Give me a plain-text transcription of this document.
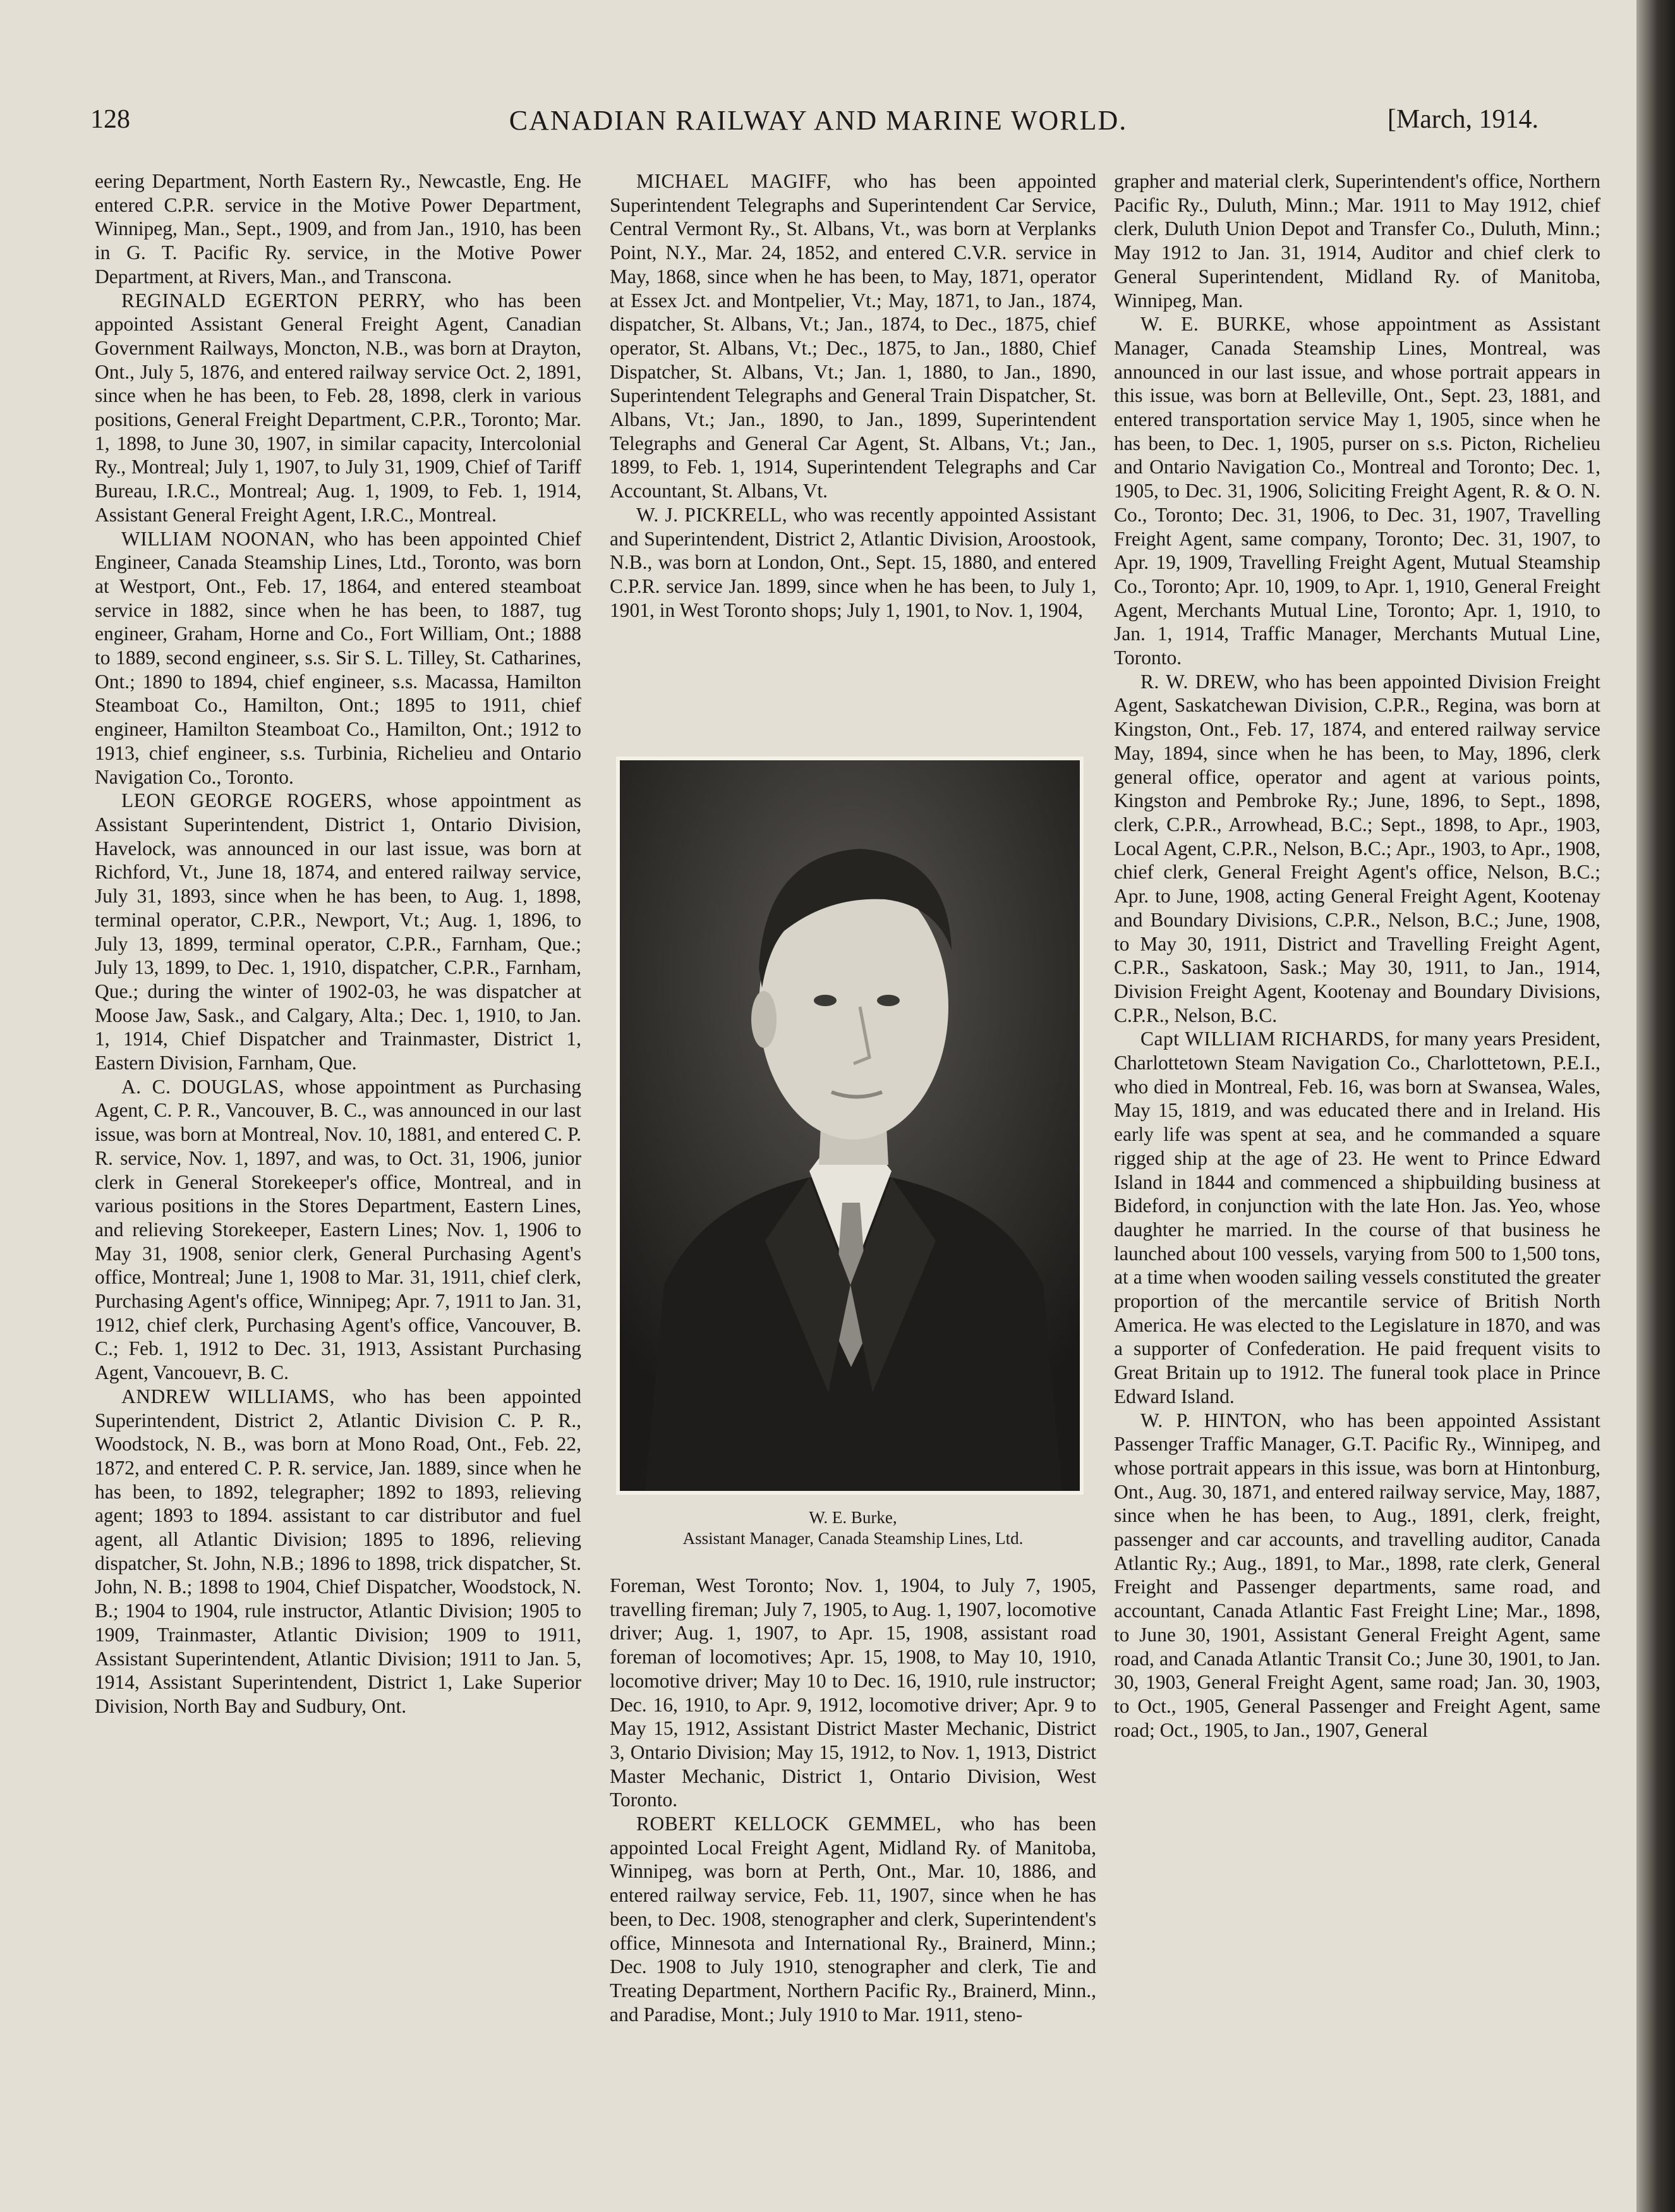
128	CANADIAN RAILWAY AND MARINE WORLD.	[March, 1914.

eering Department, North Eastern Ry., Newcastle, Eng. He entered C.P.R. service in the Motive Power Department, Winnipeg, Man., Sept., 1909, and from Jan., 1910, has been in G. T. Pacific Ry. service, in the Motive Power Department, at Rivers, Man., and Transcona.

REGINALD EGERTON PERRY, who has been appointed Assistant General Freight Agent, Canadian Government Railways, Moncton, N.B., was born at Drayton, Ont., July 5, 1876, and entered railway service Oct. 2, 1891, since when he has been, to Feb. 28, 1898, clerk in various positions, General Freight Department, C.P.R., Toronto; Mar. 1, 1898, to June 30, 1907, in similar capacity, Intercolonial Ry., Montreal; July 1, 1907, to July 31, 1909, Chief of Tariff Bureau, I.R.C., Montreal; Aug. 1, 1909, to Feb. 1, 1914, Assistant General Freight Agent, I.R.C., Montreal.

WILLIAM NOONAN, who has been appointed Chief Engineer, Canada Steamship Lines, Ltd., Toronto, was born at Westport, Ont., Feb. 17, 1864, and entered steamboat service in 1882, since when he has been, to 1887, tug engineer, Graham, Horne and Co., Fort William, Ont.; 1888 to 1889, second engineer, s.s. Sir S. L. Tilley, St. Catharines, Ont.; 1890 to 1894, chief engineer, s.s. Macassa, Hamilton Steamboat Co., Hamilton, Ont.; 1895 to 1911, chief engineer, Hamilton Steamboat Co., Hamilton, Ont.; 1912 to 1913, chief engineer, s.s. Turbinia, Richelieu and Ontario Navigation Co., Toronto.

LEON GEORGE ROGERS, whose appointment as Assistant Superintendent, District 1, Ontario Division, Havelock, was announced in our last issue, was born at Richford, Vt., June 18, 1874, and entered railway service, July 31, 1893, since when he has been, to Aug. 1, 1898, terminal operator, C.P.R., Newport, Vt.; Aug. 1, 1896, to July 13, 1899, terminal operator, C.P.R., Farnham, Que.; July 13, 1899, to Dec. 1, 1910, dispatcher, C.P.R., Farnham, Que.; during the winter of 1902-03, he was dispatcher at Moose Jaw, Sask., and Calgary, Alta.; Dec. 1, 1910, to Jan. 1, 1914, Chief Dispatcher and Trainmaster, District 1, Eastern Division, Farnham, Que.

A. C. DOUGLAS, whose appointment as Purchasing Agent, C. P. R., Vancouver, B. C., was announced in our last issue, was born at Montreal, Nov. 10, 1881, and entered C. P. R. service, Nov. 1, 1897, and was, to Oct. 31, 1906, junior clerk in General Storekeeper's office, Montreal, and in various positions in the Stores Department, Eastern Lines, and relieving Storekeeper, Eastern Lines; Nov. 1, 1906 to May 31, 1908, senior clerk, General Purchasing Agent's office, Montreal; June 1, 1908 to Mar. 31, 1911, chief clerk, Purchasing Agent's office, Winnipeg; Apr. 7, 1911 to Jan. 31, 1912, chief clerk, Purchasing Agent's office, Vancouver, B. C.; Feb. 1, 1912 to Dec. 31, 1913, Assistant Purchasing Agent, Vancouevr, B. C.

ANDREW WILLIAMS, who has been appointed Superintendent, District 2, Atlantic Division C. P. R., Woodstock, N. B., was born at Mono Road, Ont., Feb. 22, 1872, and entered C. P. R. service, Jan. 1889, since when he has been, to 1892, telegrapher; 1892 to 1893, relieving agent; 1893 to 1894. assistant to car distributor and fuel agent, all Atlantic Division; 1895 to 1896, relieving dispatcher, St. John, N.B.; 1896 to 1898, trick dispatcher, St. John, N. B.; 1898 to 1904, Chief Dispatcher, Woodstock, N. B.; 1904 to 1904, rule instructor, Atlantic Division; 1905 to 1909, Trainmaster, Atlantic Division; 1909 to 1911, Assistant Superintendent, Atlantic Division; 1911 to Jan. 5, 1914, Assistant Superintendent, District 1, Lake Superior Division, North Bay and Sudbury, Ont.

MICHAEL MAGIFF, who has been appointed Superintendent Telegraphs and Superintendent Car Service, Central Vermont Ry., St. Albans, Vt., was born at Verplanks Point, N.Y., Mar. 24, 1852, and entered C.V.R. service in May, 1868, since when he has been, to May, 1871, operator at Essex Jct. and Montpelier, Vt.; May, 1871, to Jan., 1874, dispatcher, St. Albans, Vt.; Jan., 1874, to Dec., 1875, chief operator, St. Albans, Vt.; Dec., 1875, to Jan., 1880, Chief Dispatcher, St. Albans, Vt.; Jan. 1, 1880, to Jan., 1890, Superintendent Telegraphs and General Train Dispatcher, St. Albans, Vt.; Jan., 1890, to Jan., 1899, Superintendent Telegraphs and General Car Agent, St. Albans, Vt.; Jan., 1899, to Feb. 1, 1914, Superintendent Telegraphs and Car Accountant, St. Albans, Vt.

W. J. PICKRELL, who was recently appointed Assistant and Superintendent, District 2, Atlantic Division, Aroostook, N.B., was born at London, Ont., Sept. 15, 1880, and entered C.P.R. service Jan. 1899, since when he has been, to July 1, 1901, in West Toronto shops; July 1, 1901, to Nov. 1, 1904,

W. E. Burke,
Assistant Manager, Canada Steamship Lines, Ltd.

Foreman, West Toronto; Nov. 1, 1904, to July 7, 1905, travelling fireman; July 7, 1905, to Aug. 1, 1907, locomotive driver; Aug. 1, 1907, to Apr. 15, 1908, assistant road foreman of locomotives; Apr. 15, 1908, to May 10, 1910, locomotive driver; May 10 to Dec. 16, 1910, rule instructor; Dec. 16, 1910, to Apr. 9, 1912, locomotive driver; Apr. 9 to May 15, 1912, Assistant District Master Mechanic, District 3, Ontario Division; May 15, 1912, to Nov. 1, 1913, District Master Mechanic, District 1, Ontario Division, West Toronto.

ROBERT KELLOCK GEMMEL, who has been appointed Local Freight Agent, Midland Ry. of Manitoba, Winnipeg, was born at Perth, Ont., Mar. 10, 1886, and entered railway service, Feb. 11, 1907, since when he has been, to Dec. 1908, stenographer and clerk, Superintendent's office, Minnesota and International Ry., Brainerd, Minn.; Dec. 1908 to July 1910, stenographer and clerk, Tie and Treating Department, Northern Pacific Ry., Brainerd, Minn., and Paradise, Mont.; July 1910 to Mar. 1911, steno-

grapher and material clerk, Superintendent's office, Northern Pacific Ry., Duluth, Minn.; Mar. 1911 to May 1912, chief clerk, Duluth Union Depot and Transfer Co., Duluth, Minn.; May 1912 to Jan. 31, 1914, Auditor and chief clerk to General Superintendent, Midland Ry. of Manitoba, Winnipeg, Man.

W. E. BURKE, whose appointment as Assistant Manager, Canada Steamship Lines, Montreal, was announced in our last issue, and whose portrait appears in this issue, was born at Belleville, Ont., Sept. 23, 1881, and entered transportation service May 1, 1905, since when he has been, to Dec. 1, 1905, purser on s.s. Picton, Richelieu and Ontario Navigation Co., Montreal and Toronto; Dec. 1, 1905, to Dec. 31, 1906, Soliciting Freight Agent, R. & O. N. Co., Toronto; Dec. 31, 1906, to Dec. 31, 1907, Travelling Freight Agent, same company, Toronto; Dec. 31, 1907, to Apr. 19, 1909, Travelling Freight Agent, Mutual Steamship Co., Toronto; Apr. 10, 1909, to Apr. 1, 1910, General Freight Agent, Merchants Mutual Line, Toronto; Apr. 1, 1910, to Jan. 1, 1914, Traffic Manager, Merchants Mutual Line, Toronto.

R. W. DREW, who has been appointed Division Freight Agent, Saskatchewan Division, C.P.R., Regina, was born at Kingston, Ont., Feb. 17, 1874, and entered railway service May, 1894, since when he has been, to May, 1896, clerk general office, operator and agent at various points, Kingston and Pembroke Ry.; June, 1896, to Sept., 1898, clerk, C.P.R., Arrowhead, B.C.; Sept., 1898, to Apr., 1903, Local Agent, C.P.R., Nelson, B.C.; Apr., 1903, to Apr., 1908, chief clerk, General Freight Agent's office, Nelson, B.C.; Apr. to June, 1908, acting General Freight Agent, Kootenay and Boundary Divisions, C.P.R., Nelson, B.C.; June, 1908, to May 30, 1911, District and Travelling Freight Agent, C.P.R., Saskatoon, Sask.; May 30, 1911, to Jan., 1914, Division Freight Agent, Kootenay and Boundary Divisions, C.P.R., Nelson, B.C.

Capt WILLIAM RICHARDS, for many years President, Charlottetown Steam Navigation Co., Charlottetown, P.E.I., who died in Montreal, Feb. 16, was born at Swansea, Wales, May 15, 1819, and was educated there and in Ireland. His early life was spent at sea, and he commanded a square rigged ship at the age of 23. He went to Prince Edward Island in 1844 and commenced a shipbuilding business at Bideford, in conjunction with the late Hon. Jas. Yeo, whose daughter he married. In the course of that business he launched about 100 vessels, varying from 500 to 1,500 tons, at a time when wooden sailing vessels constituted the greater proportion of the mercantile service of British North America. He was elected to the Legislature in 1870, and was a supporter of Confederation. He paid frequent visits to Great Britain up to 1912. The funeral took place in Prince Edward Island.

W. P. HINTON, who has been appointed Assistant Passenger Traffic Manager, G.T. Pacific Ry., Winnipeg, and whose portrait appears in this issue, was born at Hintonburg, Ont., Aug. 30, 1871, and entered railway service, May, 1887, since when he has been, to Aug., 1891, clerk, freight, passenger and car accounts, and travelling auditor, Canada Atlantic Ry.; Aug., 1891, to Mar., 1898, rate clerk, General Freight and Passenger departments, same road, and accountant, Canada Atlantic Fast Freight Line; Mar., 1898, to June 30, 1901, Assistant General Freight Agent, same road, and Canada Atlantic Transit Co.; June 30, 1901, to Jan. 30, 1903, General Freight Agent, same road; Jan. 30, 1903, to Oct., 1905, General Passenger and Freight Agent, same road; Oct., 1905, to Jan., 1907, General
